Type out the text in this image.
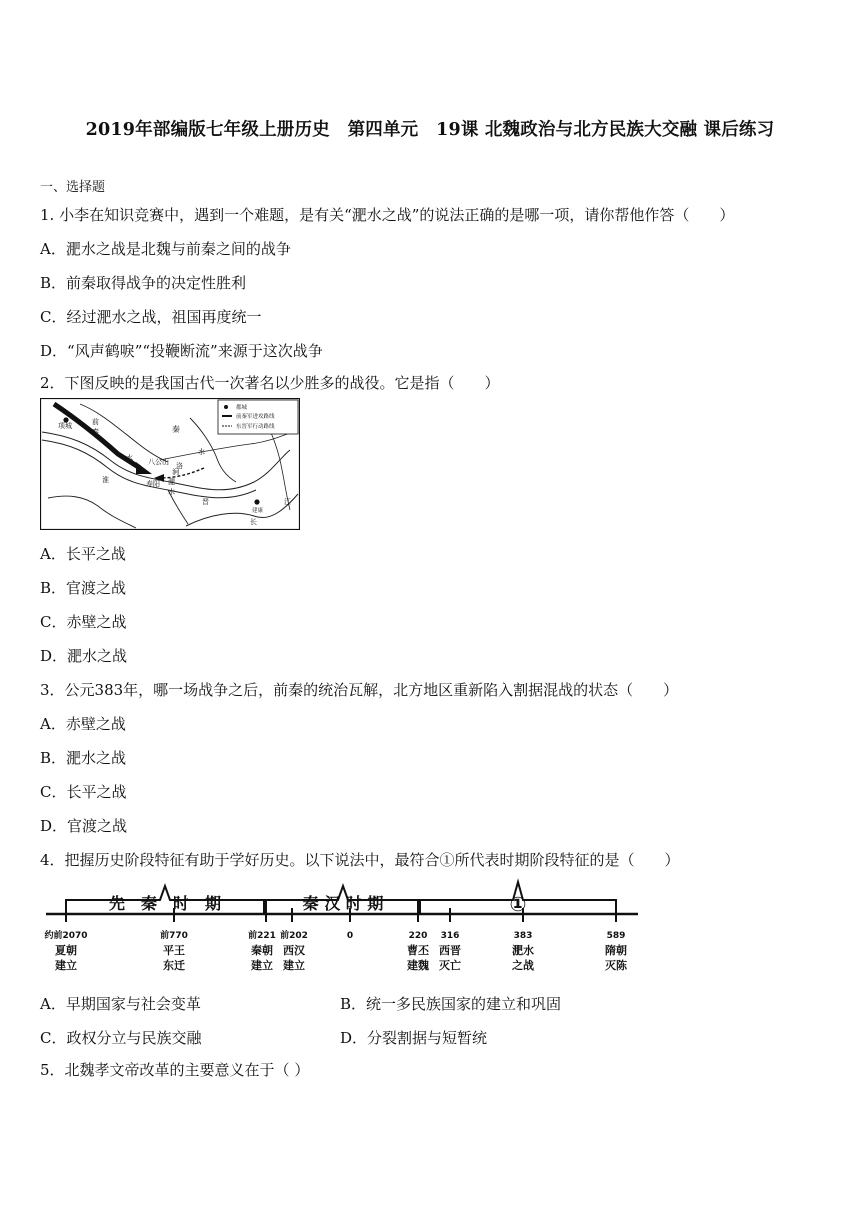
2019年部编版七年级上册历史　第四单元　19课 北魏政治与北方民族大交融 课后练习
一、选择题
1. 小李在知识竞赛中，遇到一个难题，是有关“淝水之战”的说法正确的是哪一项，请你帮他作答（　　）
A．淝水之战是北魏与前秦之间的战争
B．前秦取得战争的决定性胜利
C．经过淝水之战，祖国再度统一
D．“风声鹤唳”“投鞭断流”来源于这次战争
2．下图反映的是我国古代一次著名以少胜多的战役。它是指（　　）
都城
前秦军进攻路线
东晋军行动路线
项城	前
秦	秦
水
八公山 洛
水
寿阳 淝
涧
水
晋
淮
江
建康
长
A．长平之战
B．官渡之战
C．赤壁之战
D．淝水之战
3．公元383年，哪一场战争之后，前秦的统治瓦解，北方地区重新陷入割据混战的状态（　　）
A．赤壁之战
B．淝水之战
C．长平之战
D．官渡之战
4．把握历史阶段特征有助于学好历史。以下说法中，最符合①所代表时期阶段特征的是（　　）
先　秦　时　期	秦 汉 时 期	①
约前2070
夏朝
建立
前770
平王
东迁
前221
秦朝
建立
前202
西汉
建立
0	220
曹丕
建魏
316
西晋
灭亡
383
淝水
之战
589
隋朝
灭陈
A．早期国家与社会变革	B．统一多民族国家的建立和巩固
C．政权分立与民族交融	D．分裂割据与短暂统
5．北魏孝文帝改革的主要意义在于（ ）
